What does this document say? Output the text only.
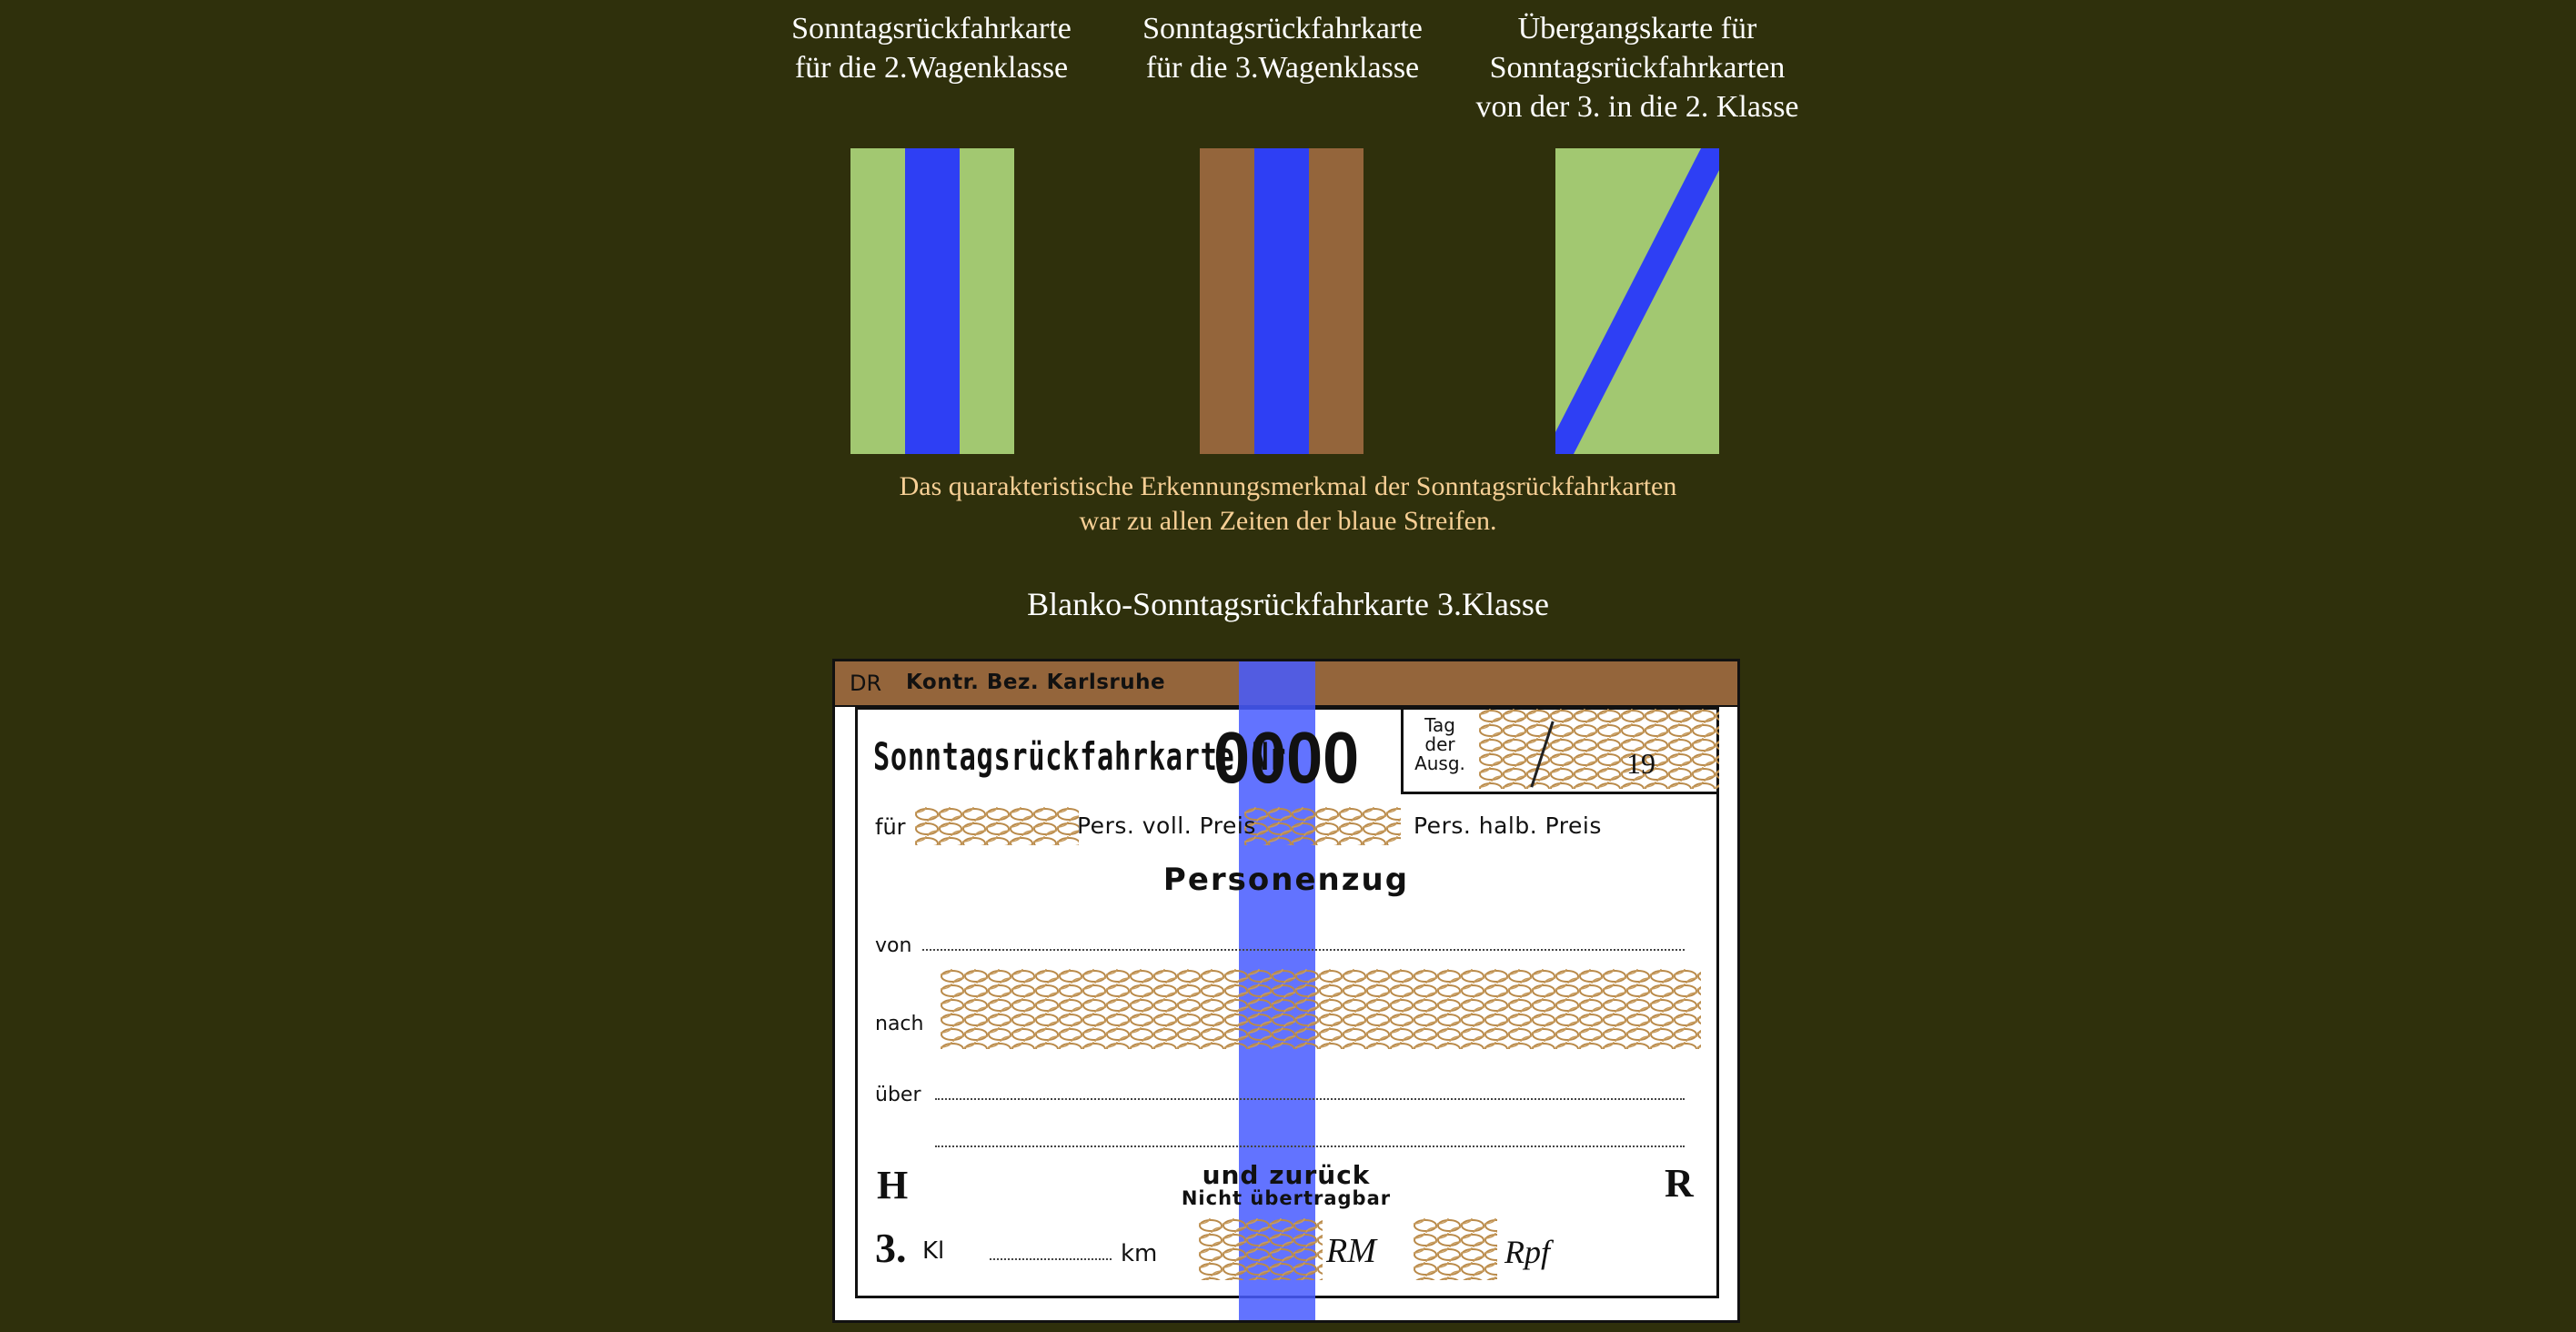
Sonntagsrückfahrkarte
für die 2.Wagenklasse
Sonntagsrückfahrkarte
für die 3.Wagenklasse
Übergangskarte für
Sonntagsrückfahrkarten
von der 3. in die 2. Klasse
Das quarakteristische Erkennungsmerkmal der Sonntagsrückfahrkarten
war zu allen Zeiten der blaue Streifen.
Blanko-Sonntagsrückfahrkarte 3.Klasse
DR Kontr. Bez. Karlsruhe
Sonntagsrückfahrkarte Nr
0000	Tag
der
Ausg.	19
für	Pers. voll. Preis	Pers. halb. Preis
Personenzug
von
nach
über
H	R
und zurück
Nicht übertragbar
3. Kl	km	RM	Rpf
